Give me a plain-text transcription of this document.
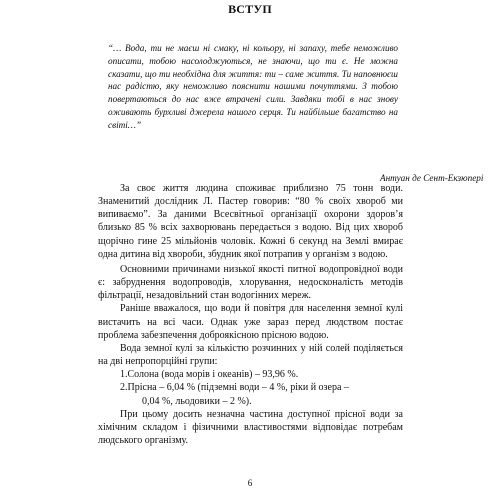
ВСТУП
“… Вода, ти не маєш ні смаку, ні кольору, ні запаху, тебе неможливо описати, тобою насолоджуються, не знаючи, що ти є. Не можна сказати, що ти необхідна для життя: ти – саме життя. Ти наповнюєш нас радістю, яку неможливо пояснити нашими почуттями. З тобою повертаються до нас вже втрачені сили. Завдяки тобі в нас знову оживають бурхливі джерела нашого серця. Ти найбільше багатство на світі…”
Антуан де Сент-Екзюпері

За своє життя людина споживає приблизно 75 тонн води. Знаменитий дослідник Л. Пастер говорив: “80 % своїх хвороб ми випиваємо”. За даними Всесвітньої організації охорони здоров’я близько 85 % всіх захворювань передається з водою. Від цих хвороб щорічно гине 25 мільйонів чоловік. Кожні 6 секунд на Землі вмирає одна дитина від хвороби, збудник якої потрапив у організм з водою.

Основними причинами низької якості питної водопровідної води є: забруднення водопроводів, хлорування, недосконалість методів фільтрації, незадовільний стан водогінних мереж.

Раніше вважалося, що води й повітря для населення земної кулі вистачить на всі часи. Однак уже зараз перед людством постає проблема забезпечення доброякісною прісною водою.

Вода земної кулі за кількістю розчинних у ній солей поділяється на дві непропорційні групи:

1.Солона (вода морів і океанів) – 93,96 %.
2.Прісна – 6,04 % (підземні води – 4 %, ріки й озера –
0,04 %, льодовики – 2 %).

При цьому досить незначна частина доступної прісної води за хімічним складом і фізичними властивостями відповідає потребам людського організму.

6
